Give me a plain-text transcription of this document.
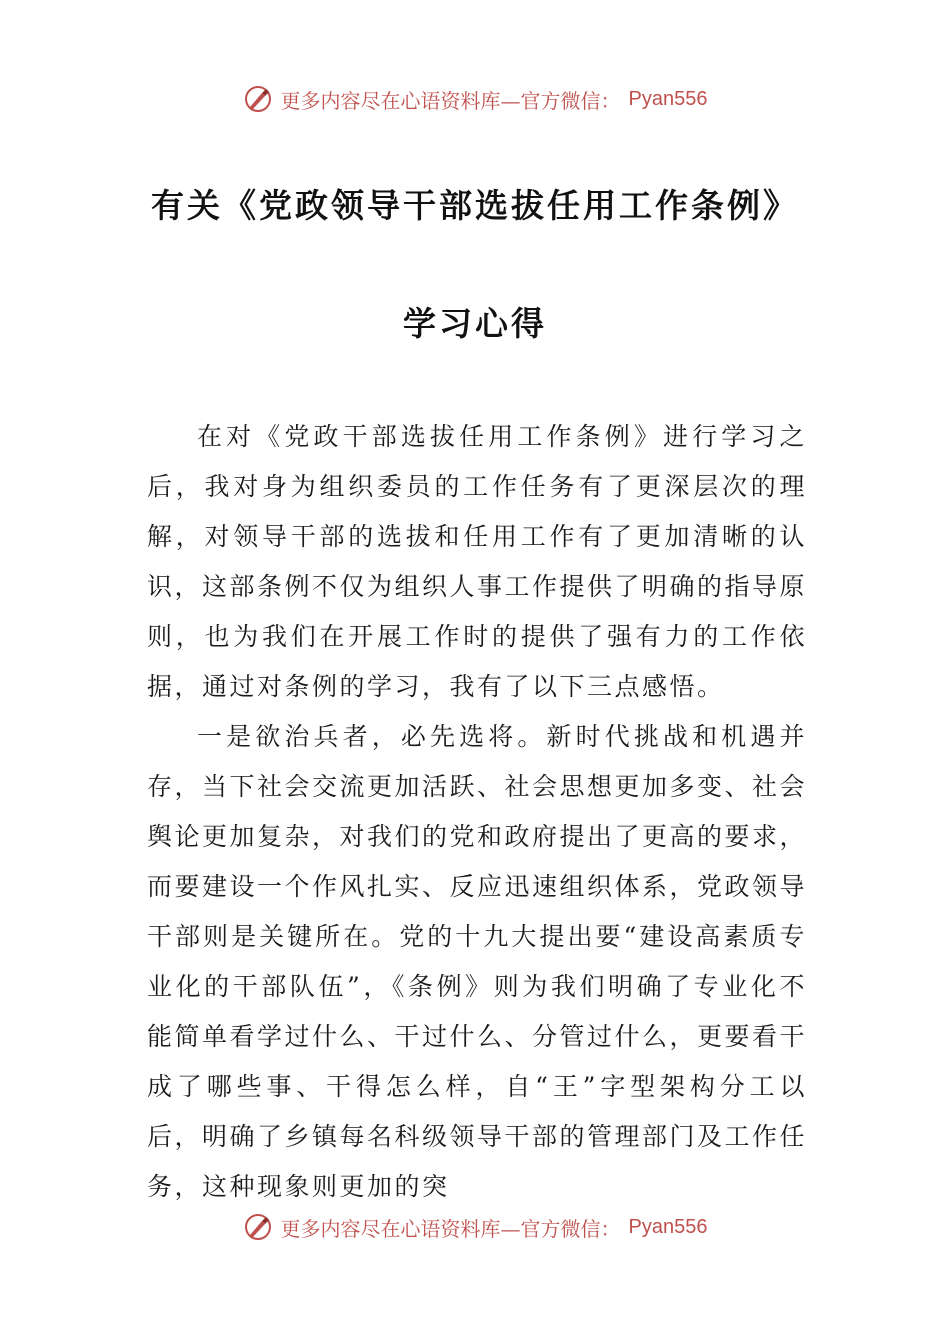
更多内容尽在心语资料库—官方微信： Pyan556
有关《党政领导干部选拔任用工作条例》
学习心得

在对《党政干部选拔任用工作条例》进行学习之后，我对身为组织委员的工作任务有了更深层次的理解，对领导干部的选拔和任用工作有了更加清晰的认识，这部条例不仅为组织人事工作提供了明确的指导原则，也为我们在开展工作时的提供了强有力的工作依据，通过对条例的学习，我有了以下三点感悟。

一是欲治兵者，必先选将。新时代挑战和机遇并存，当下社会交流更加活跃、社会思想更加多变、社会舆论更加复杂，对我们的党和政府提出了更高的要求，而要建设一个作风扎实、反应迅速组织体系，党政领导干部则是关键所在。党的十九大提出要“建设高素质专业化的干部队伍”，《条例》则为我们明确了专业化不能简单看学过什么、干过什么、分管过什么，更要看干成了哪些事、干得怎么样，自“王”字型架构分工以后，明确了乡镇每名科级领导干部的管理部门及工作任务，这种现象则更加的突

更多内容尽在心语资料库—官方微信： Pyan556
